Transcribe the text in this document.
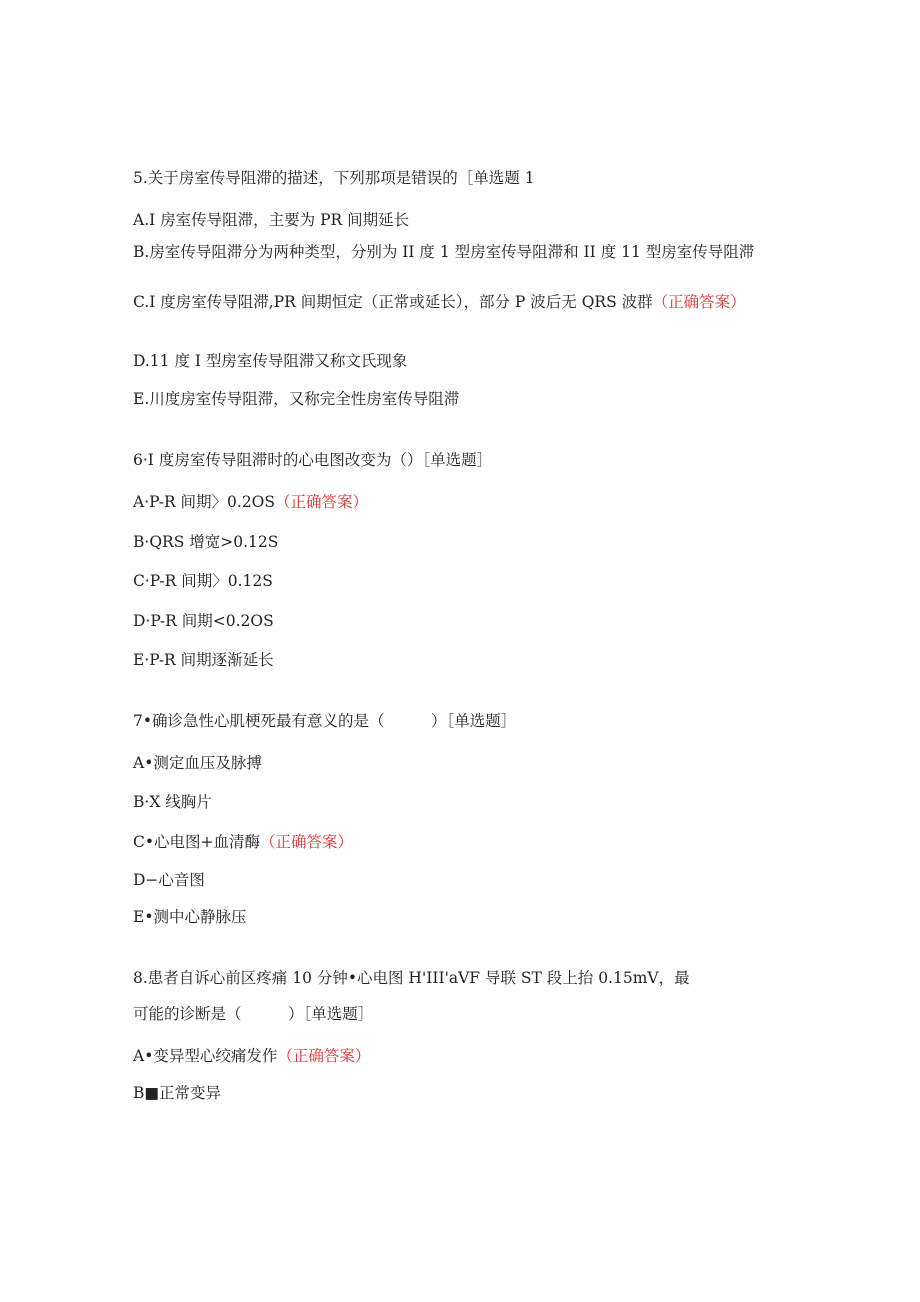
5.关于房室传导阻滞的描述，下列那项是错误的［单选题 1
A.I 房室传导阻滞，主要为 PR 间期延长
B.房室传导阻滞分为两种类型，分别为 II 度 1 型房室传导阻滞和 II 度 11 型房室传导阻滞
C.I 度房室传导阻滞,PR 间期恒定（正常或延长），部分 P 波后无 QRS 波群（正确答案）
D.11 度 I 型房室传导阻滞又称文氏现象
E.川度房室传导阻滞，又称完全性房室传导阻滞
6·I 度房室传导阻滞时的心电图改变为（）［单选题］
A·P-R 间期〉0.2OS（正确答案）
B·QRS 增宽>0.12S
C·P-R 间期〉0.12S
D·P-R 间期<0.2OS
E·P-R 间期逐渐延长
7•确诊急性心肌梗死最有意义的是（　　　）［单选题］
A•测定血压及脉搏
B·X 线胸片
C•心电图+血清酶（正确答案）
D−心音图
E•测中心静脉压
8.患者自诉心前区疼痛 10 分钟•心电图 H'III'aVF 导联 ST 段上抬 0.15mV，最
可能的诊断是（　　　）［单选题］
A•变异型心绞痛发作（正确答案）
B■正常变异
